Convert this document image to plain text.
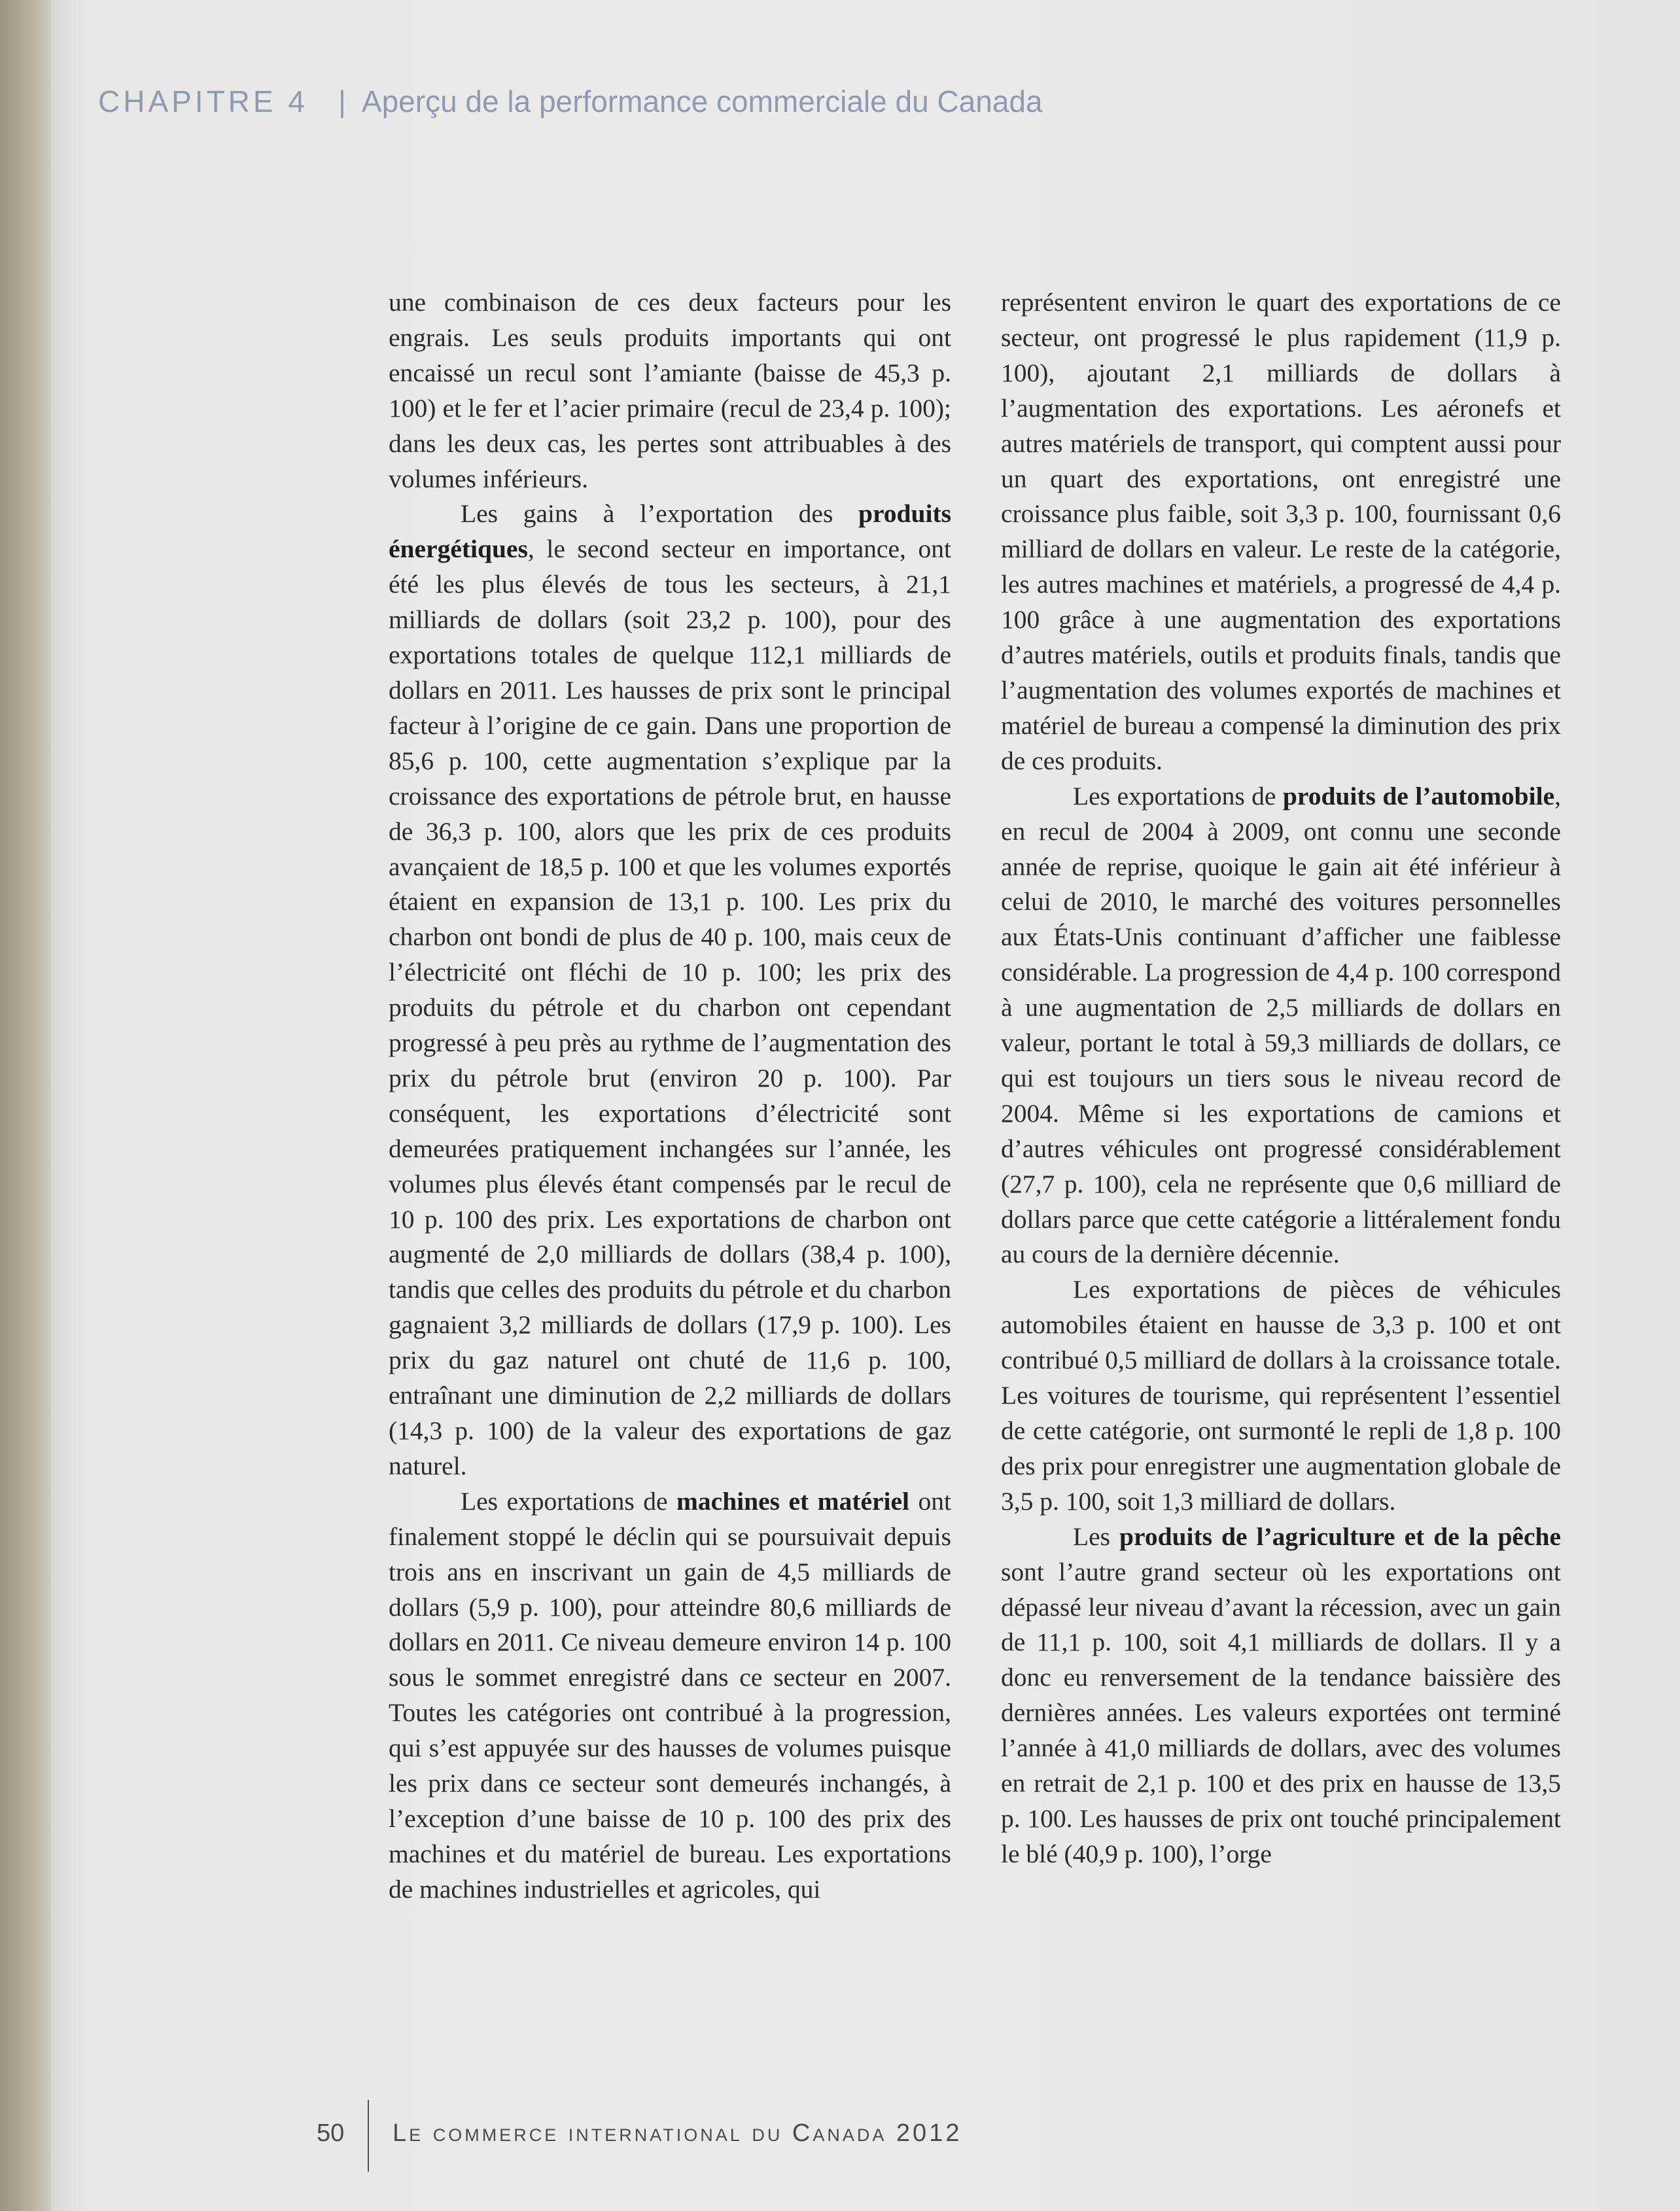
CHAPITRE 4 | Aperçu de la performance commerciale du Canada

une combinaison de ces deux facteurs pour les engrais. Les seuls produits importants qui ont encaissé un recul sont l’amiante (baisse de 45,3 p. 100) et le fer et l’acier primaire (recul de 23,4 p. 100); dans les deux cas, les pertes sont attribuables à des volumes inférieurs.

Les gains à l’exportation des produits énergétiques, le second secteur en importance, ont été les plus élevés de tous les secteurs, à 21,1 milliards de dollars (soit 23,2 p. 100), pour des exportations totales de quelque 112,1 milliards de dollars en 2011. Les hausses de prix sont le principal facteur à l’origine de ce gain. Dans une proportion de 85,6 p. 100, cette augmentation s’explique par la croissance des exportations de pétrole brut, en hausse de 36,3 p. 100, alors que les prix de ces produits avançaient de 18,5 p. 100 et que les volumes exportés étaient en expansion de 13,1 p. 100. Les prix du charbon ont bondi de plus de 40 p. 100, mais ceux de l’électricité ont fléchi de 10 p. 100; les prix des produits du pétrole et du charbon ont cependant progressé à peu près au rythme de l’augmentation des prix du pétrole brut (environ 20 p. 100). Par conséquent, les exportations d’électricité sont demeurées pratiquement inchangées sur l’année, les volumes plus élevés étant compensés par le recul de 10 p. 100 des prix. Les exportations de charbon ont augmenté de 2,0 milliards de dollars (38,4 p. 100), tandis que celles des produits du pétrole et du charbon gagnaient 3,2 milliards de dollars (17,9 p. 100). Les prix du gaz naturel ont chuté de 11,6 p. 100, entraînant une diminution de 2,2 milliards de dollars (14,3 p. 100) de la valeur des exportations de gaz naturel.

Les exportations de machines et matériel ont finalement stoppé le déclin qui se poursuivait depuis trois ans en inscrivant un gain de 4,5 milliards de dollars (5,9 p. 100), pour atteindre 80,6 milliards de dollars en 2011. Ce niveau demeure environ 14 p. 100 sous le sommet enregistré dans ce secteur en 2007. Toutes les catégories ont contribué à la progression, qui s’est appuyée sur des hausses de volumes puisque les prix dans ce secteur sont demeurés inchangés, à l’exception d’une baisse de 10 p. 100 des prix des machines et du matériel de bureau. Les exportations de machines industrielles et agricoles, qui

représentent environ le quart des exportations de ce secteur, ont progressé le plus rapidement (11,9 p. 100), ajoutant 2,1 milliards de dollars à l’augmentation des exportations. Les aéronefs et autres matériels de transport, qui comptent aussi pour un quart des exportations, ont enregistré une croissance plus faible, soit 3,3 p. 100, fournissant 0,6 milliard de dollars en valeur. Le reste de la catégorie, les autres machines et matériels, a progressé de 4,4 p. 100 grâce à une augmentation des exportations d’autres matériels, outils et produits finals, tandis que l’augmentation des volumes exportés de machines et matériel de bureau a compensé la diminution des prix de ces produits.

Les exportations de produits de l’automobile, en recul de 2004 à 2009, ont connu une seconde année de reprise, quoique le gain ait été inférieur à celui de 2010, le marché des voitures personnelles aux États-Unis continuant d’afficher une faiblesse considérable. La progression de 4,4 p. 100 correspond à une augmentation de 2,5 milliards de dollars en valeur, portant le total à 59,3 milliards de dollars, ce qui est toujours un tiers sous le niveau record de 2004. Même si les exportations de camions et d’autres véhicules ont progressé considérablement (27,7 p. 100), cela ne représente que 0,6 milliard de dollars parce que cette catégorie a littéralement fondu au cours de la dernière décennie.

Les exportations de pièces de véhicules automobiles étaient en hausse de 3,3 p. 100 et ont contribué 0,5 milliard de dollars à la croissance totale. Les voitures de tourisme, qui représentent l’essentiel de cette catégorie, ont surmonté le repli de 1,8 p. 100 des prix pour enregistrer une augmentation globale de 3,5 p. 100, soit 1,3 milliard de dollars.

Les produits de l’agriculture et de la pêche sont l’autre grand secteur où les exportations ont dépassé leur niveau d’avant la récession, avec un gain de 11,1 p. 100, soit 4,1 milliards de dollars. Il y a donc eu renversement de la tendance baissière des dernières années. Les valeurs exportées ont terminé l’année à 41,0 milliards de dollars, avec des volumes en retrait de 2,1 p. 100 et des prix en hausse de 13,5 p. 100. Les hausses de prix ont touché principalement le blé (40,9 p. 100), l’orge

50 Le commerce international du Canada 2012
